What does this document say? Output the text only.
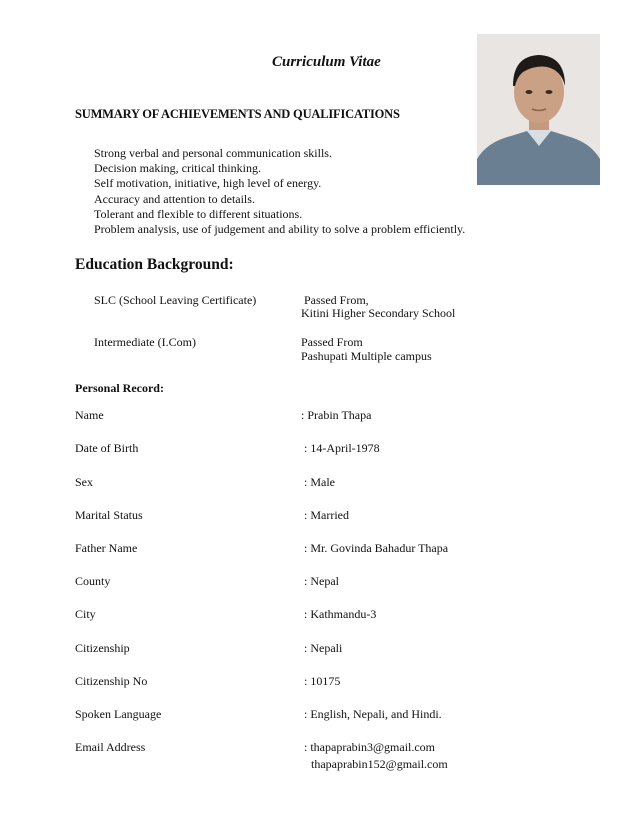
Curriculum Vitae
SUMMARY OF ACHIEVEMENTS AND QUALIFICATIONS
Strong verbal and personal communication skills.
Decision making, critical thinking.
Self motivation, initiative, high level of energy.
Accuracy and attention to details.
Tolerant and flexible to different situations.
Problem analysis, use of judgement and ability to solve a problem efficiently.
Education Background:
SLC (School Leaving Certificate)	Passed From,
Kitini Higher Secondary School
Intermediate (I.Com)	Passed From
Pashupati Multiple campus
Personal Record:
Name	: Prabin Thapa
Date of Birth	: 14-April-1978
Sex	: Male
Marital Status	: Married
Father Name	: Mr. Govinda Bahadur Thapa
County	: Nepal
City	: Kathmandu-3
Citizenship	: Nepali
Citizenship No	: 10175
Spoken Language	: English, Nepali, and Hindi.
Email Address	: thapaprabin3@gmail.com
thapaprabin152@gmail.com
